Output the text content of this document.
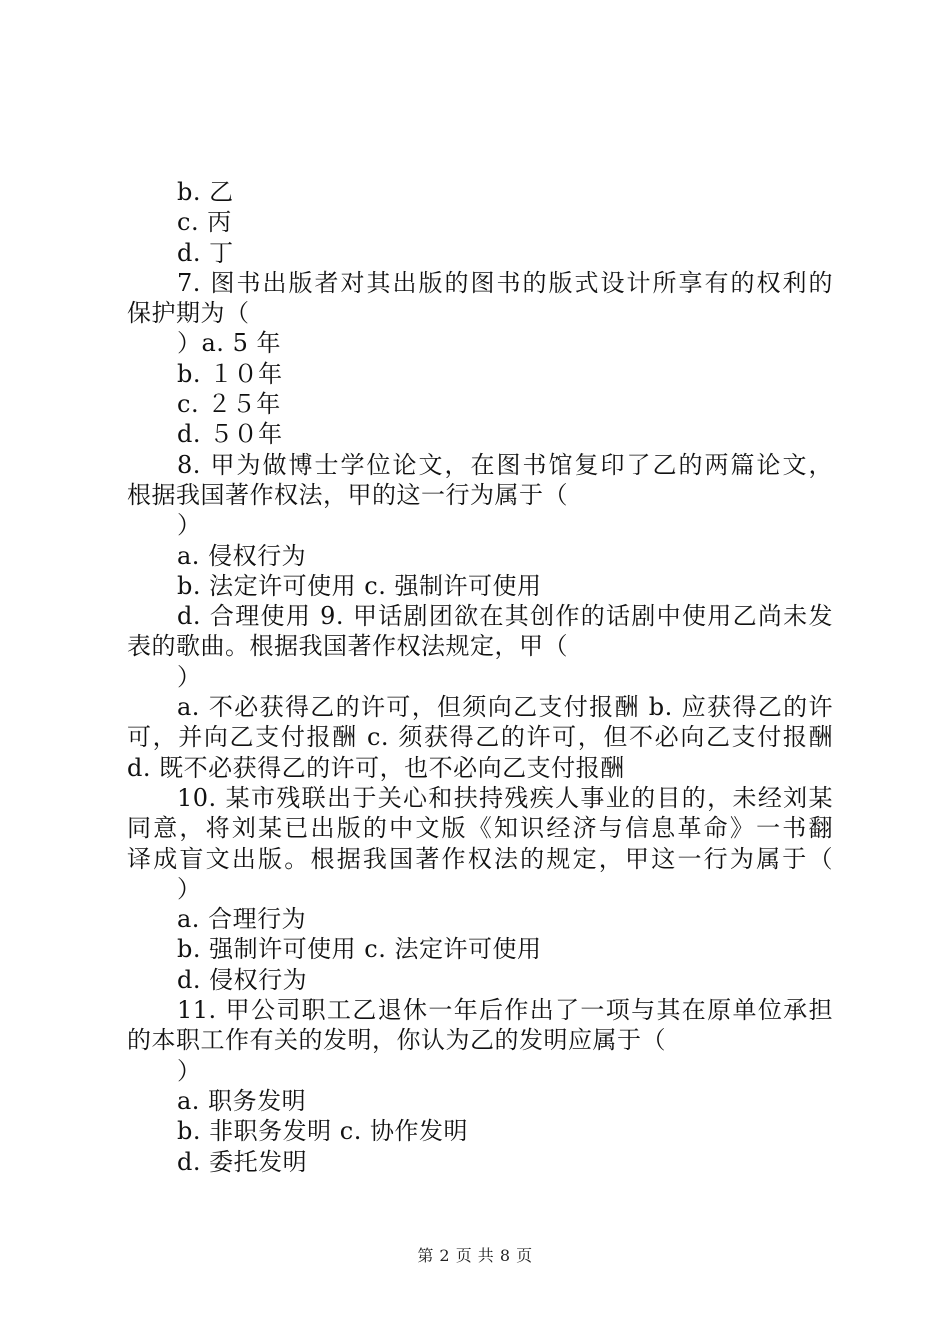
b. 乙
c. 丙
d. 丁
7. 图书出版者对其出版的图书的版式设计所享有的权利的
保护期为（
）a. 5 年
b. １０年
c. ２５年
d. ５０年
8. 甲为做博士学位论文，在图书馆复印了乙的两篇论文，
根据我国著作权法，甲的这一行为属于（
）
a. 侵权行为
b. 法定许可使用 c. 强制许可使用
d. 合理使用 9. 甲话剧团欲在其创作的话剧中使用乙尚未发
表的歌曲。根据我国著作权法规定，甲（
）
a. 不必获得乙的许可，但须向乙支付报酬 b. 应获得乙的许
可，并向乙支付报酬 c. 须获得乙的许可，但不必向乙支付报酬
d. 既不必获得乙的许可，也不必向乙支付报酬
10. 某市残联出于关心和扶持残疾人事业的目的，未经刘某
同意，将刘某已出版的中文版《知识经济与信息革命》一书翻
译成盲文出版。根据我国著作权法的规定，甲这一行为属于（
）
a. 合理行为
b. 强制许可使用 c. 法定许可使用
d. 侵权行为
11. 甲公司职工乙退休一年后作出了一项与其在原单位承担
的本职工作有关的发明，你认为乙的发明应属于（
）
a. 职务发明
b. 非职务发明 c. 协作发明
d. 委托发明
第 2 页 共 8 页
